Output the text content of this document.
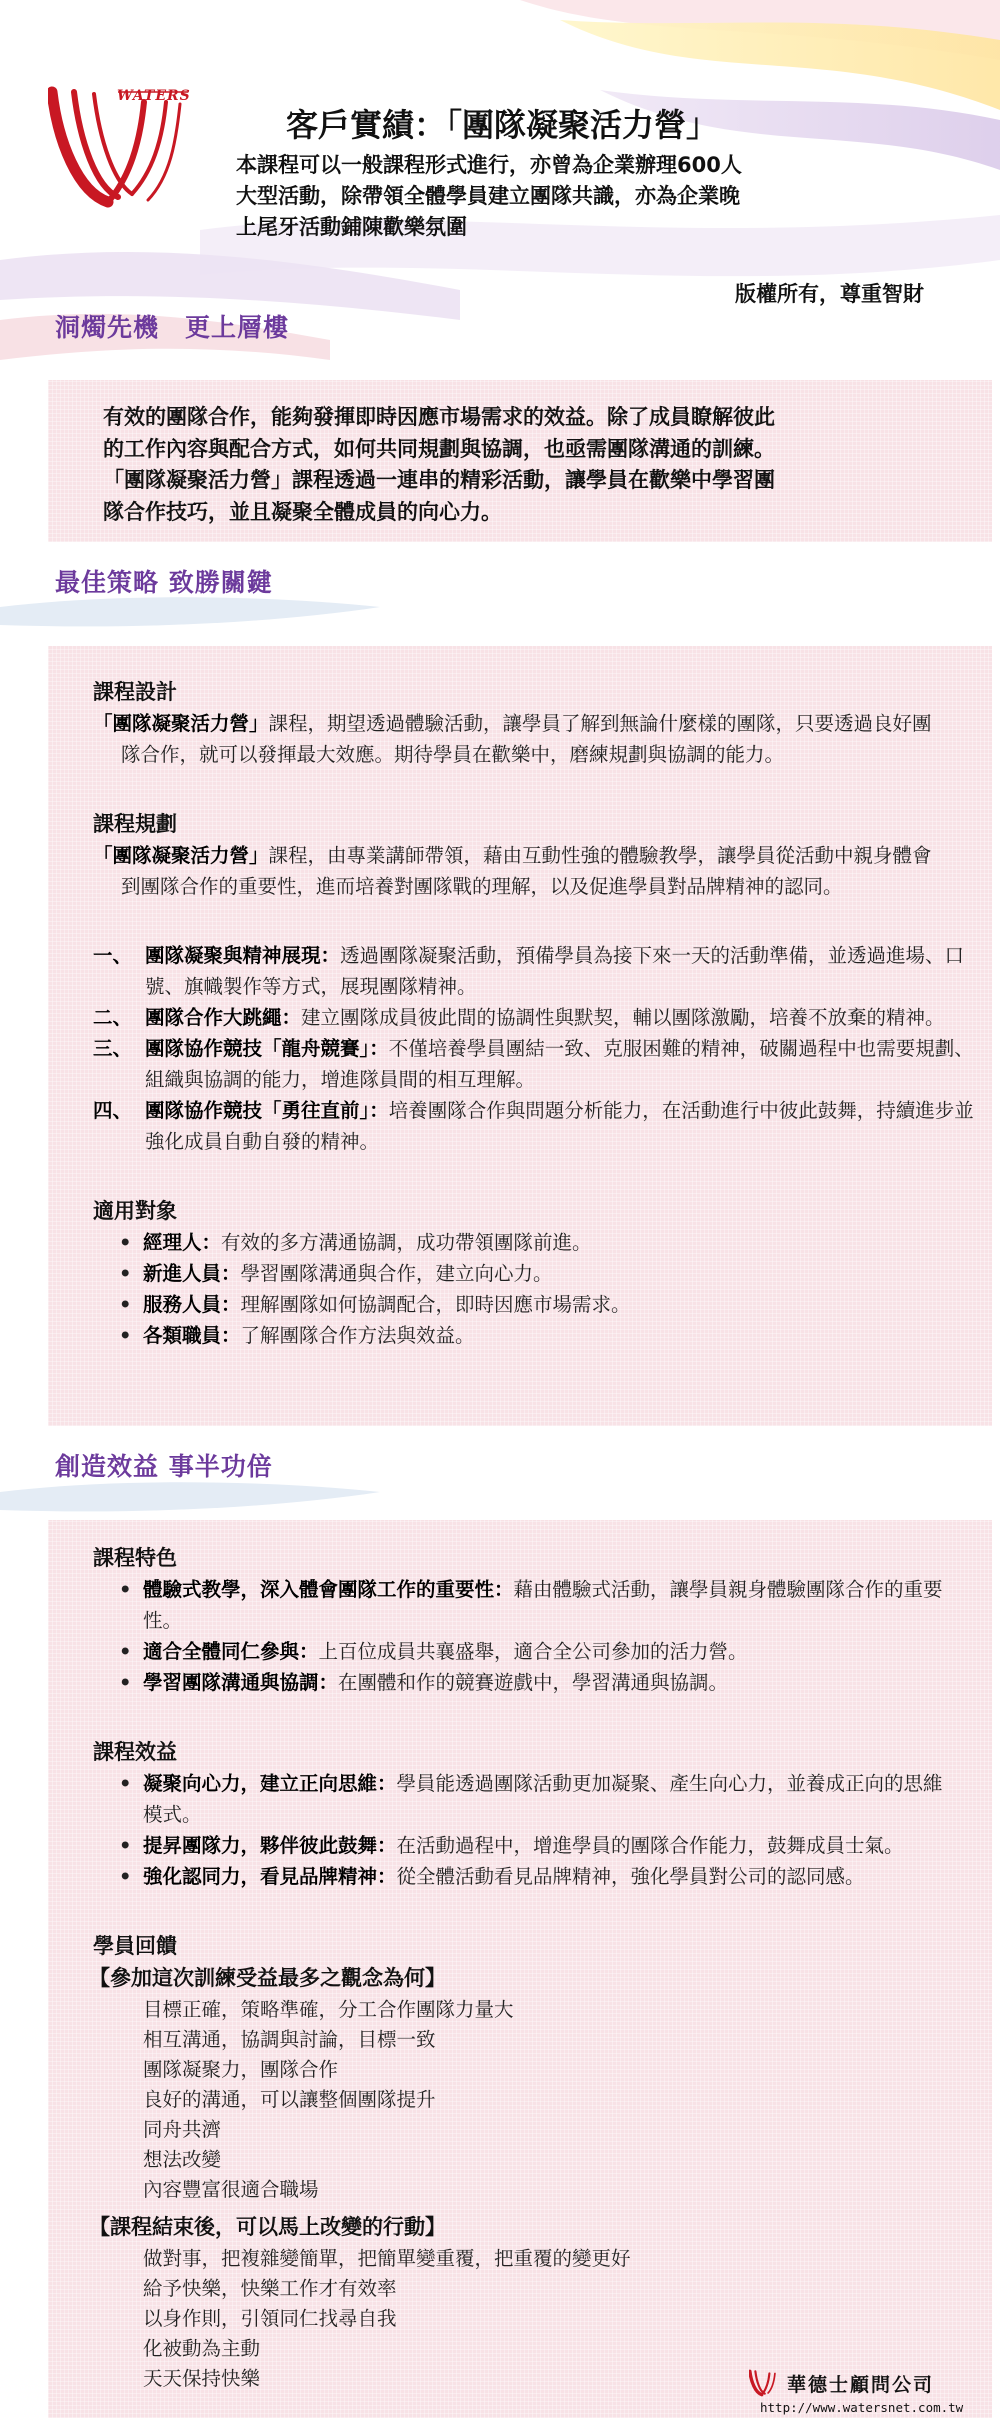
WATERS
客戶實績：「團隊凝聚活力營」
本課程可以一般課程形式進行，亦曾為企業辦理600人
大型活動，除帶領全體學員建立團隊共識，亦為企業晚
上尾牙活動鋪陳歡樂氛圍
版權所有，尊重智財
洞燭先機　更上層樓

有效的團隊合作，能夠發揮即時因應市場需求的效益。除了成員瞭解彼此
的工作內容與配合方式，如何共同規劃與協調，也亟需團隊溝通的訓練。
「團隊凝聚活力營」課程透過一連串的精彩活動，讓學員在歡樂中學習團
隊合作技巧，並且凝聚全體成員的向心力。

最佳策略 致勝關鍵
課程設計
「團隊凝聚活力營」課程，期望透過體驗活動，讓學員了解到無論什麼樣的團隊，只要透過良好團隊合作，就可以發揮最大效應。期待學員在歡樂中，磨練規劃與協調的能力。
課程規劃
「團隊凝聚活力營」課程，由專業講師帶領，藉由互動性強的體驗教學，讓學員從活動中親身體會到團隊合作的重要性，進而培養對團隊戰的理解，以及促進學員對品牌精神的認同。
一、 團隊凝聚與精神展現：透過團隊凝聚活動，預備學員為接下來一天的活動準備，並透過進場、口號、旗幟製作等方式，展現團隊精神。
二、 團隊合作大跳繩：建立團隊成員彼此間的協調性與默契，輔以團隊激勵，培養不放棄的精神。
三、 團隊協作競技「龍舟競賽」：不僅培養學員團結一致、克服困難的精神，破關過程中也需要規劃、組織與協調的能力，增進隊員間的相互理解。
四、 團隊協作競技「勇往直前」：培養團隊合作與問題分析能力，在活動進行中彼此鼓舞，持續進步並強化成員自動自發的精神。
適用對象
• 經理人：有效的多方溝通協調，成功帶領團隊前進。
• 新進人員：學習團隊溝通與合作，建立向心力。
• 服務人員：理解團隊如何協調配合，即時因應市場需求。
• 各類職員：了解團隊合作方法與效益。
創造效益 事半功倍
課程特色
• 體驗式教學，深入體會團隊工作的重要性：藉由體驗式活動，讓學員親身體驗團隊合作的重要性。
• 適合全體同仁參與：上百位成員共襄盛舉，適合全公司參加的活力營。
• 學習團隊溝通與協調：在團體和作的競賽遊戲中，學習溝通與協調。
課程效益
• 凝聚向心力，建立正向思維：學員能透過團隊活動更加凝聚、產生向心力，並養成正向的思維模式。
• 提昇團隊力，夥伴彼此鼓舞：在活動過程中，增進學員的團隊合作能力，鼓舞成員士氣。
• 強化認同力，看見品牌精神：從全體活動看見品牌精神，強化學員對公司的認同感。
學員回饋
【參加這次訓練受益最多之觀念為何】
目標正確，策略準確，分工合作團隊力量大
相互溝通，協調與討論，目標一致
團隊凝聚力，團隊合作
良好的溝通，可以讓整個團隊提升
同舟共濟
想法改變
內容豐富很適合職場
【課程結束後，可以馬上改變的行動】
做對事，把複雜變簡單，把簡單變重覆，把重覆的變更好
給予快樂，快樂工作才有效率
以身作則，引領同仁找尋自我
化被動為主動
天天保持快樂	華德士顧問公司
http://www.watersnet.com.tw
